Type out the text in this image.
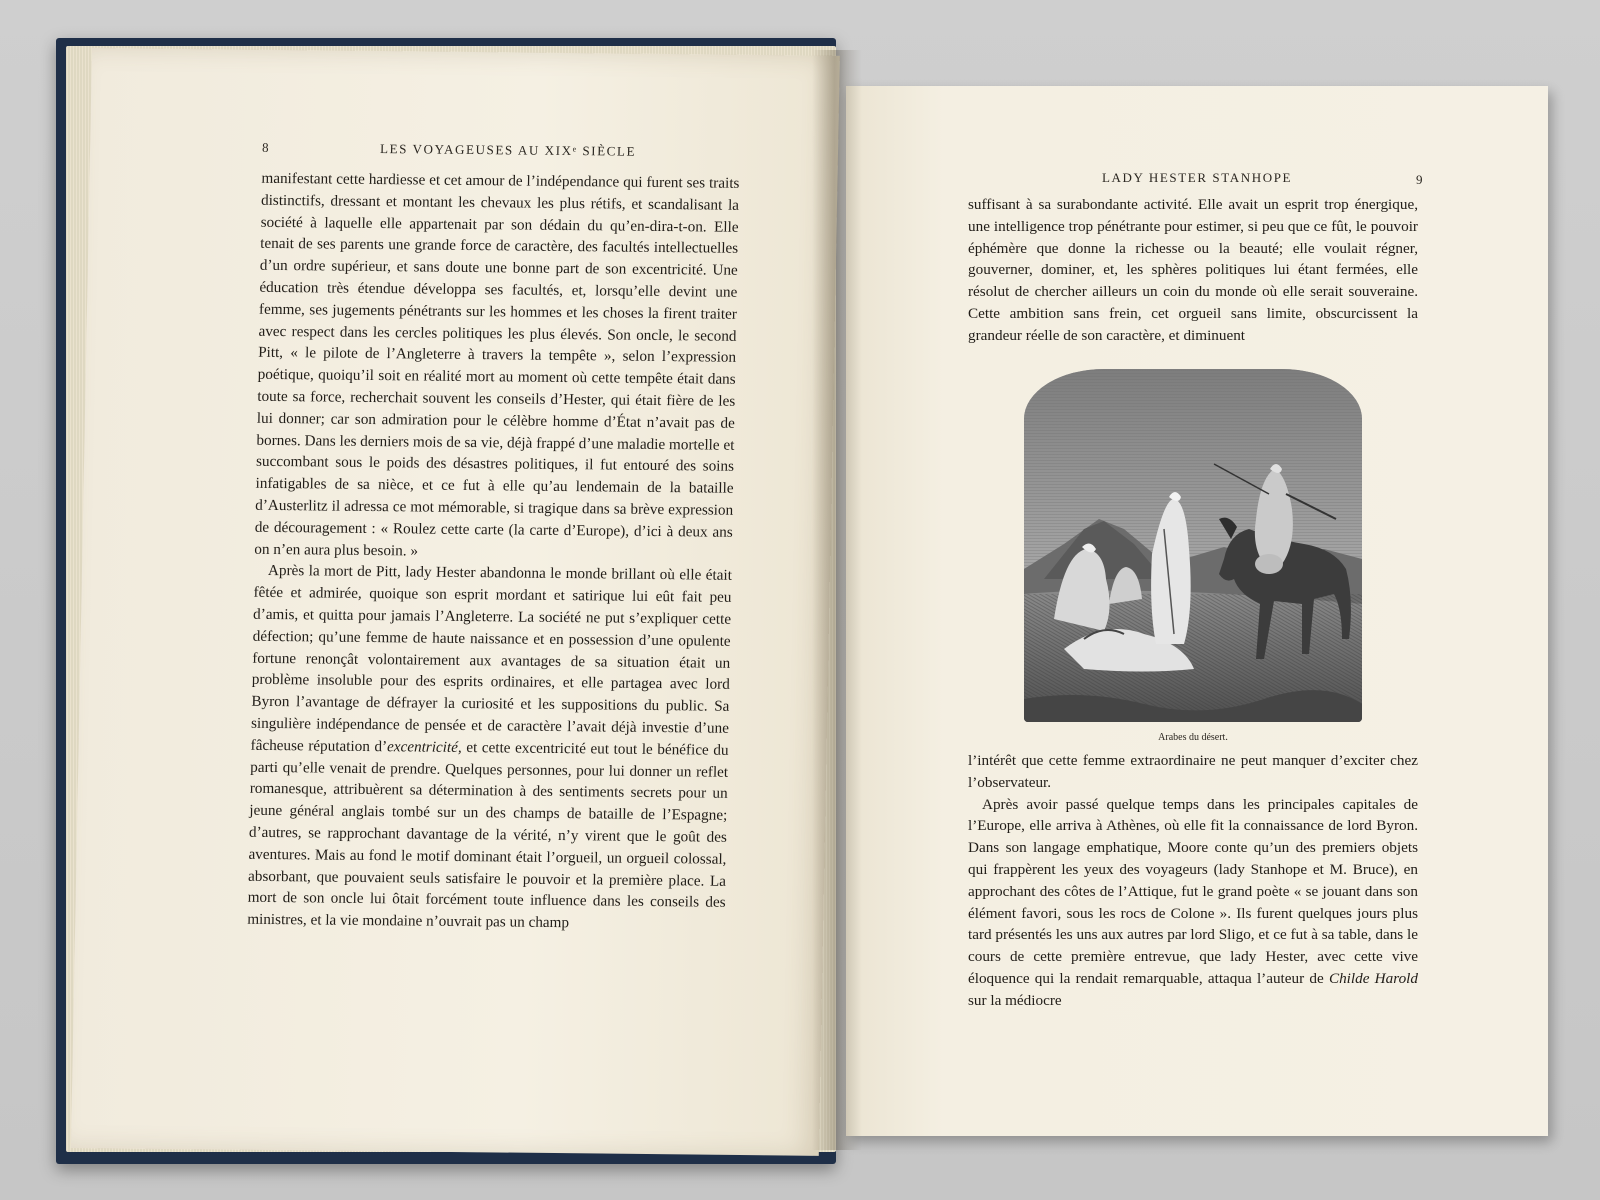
8	LES VOYAGEUSES AU XIXᵉ SIÈCLE

manifestant cette hardiesse et cet amour de l’indépendance qui furent ses traits distinctifs, dressant et montant les chevaux les plus rétifs, et scandalisant la société à laquelle elle appartenait par son dédain du qu’en-dira-t-on. Elle tenait de ses parents une grande force de caractère, des facultés intellectuelles d’un ordre supérieur, et sans doute une bonne part de son excentricité. Une éducation très étendue développa ses facultés, et, lorsqu’elle devint une femme, ses jugements pénétrants sur les hommes et les choses la firent traiter avec respect dans les cercles politiques les plus élevés. Son oncle, le second Pitt, « le pilote de l’Angleterre à travers la tempête », selon l’expression poétique, quoiqu’il soit en réalité mort au moment où cette tempête était dans toute sa force, recherchait souvent les conseils d’Hester, qui était fière de les lui donner; car son admiration pour le célèbre homme d’État n’avait pas de bornes. Dans les derniers mois de sa vie, déjà frappé d’une maladie mortelle et succombant sous le poids des désastres politiques, il fut entouré des soins infatigables de sa nièce, et ce fut à elle qu’au lendemain de la bataille d’Austerlitz il adressa ce mot mémorable, si tragique dans sa brève expression de découragement : « Roulez cette carte (la carte d’Europe), d’ici à deux ans on n’en aura plus besoin. »

Après la mort de Pitt, lady Hester abandonna le monde brillant où elle était fêtée et admirée, quoique son esprit mordant et satirique lui eût fait peu d’amis, et quitta pour jamais l’Angleterre. La société ne put s’expliquer cette défection; qu’une femme de haute naissance et en possession d’une opulente fortune renonçât volontairement aux avantages de sa situation était un problème insoluble pour des esprits ordinaires, et elle partagea avec lord Byron l’avantage de défrayer la curiosité et les suppositions du public. Sa singulière indépendance de pensée et de caractère l’avait déjà investie d’une fâcheuse réputation d’excentricité, et cette excentricité eut tout le bénéfice du parti qu’elle venait de prendre. Quelques personnes, pour lui donner un reflet romanesque, attribuèrent sa détermination à des sentiments secrets pour un jeune général anglais tombé sur un des champs de bataille de l’Espagne; d’autres, se rapprochant davantage de la vérité, n’y virent que le goût des aventures. Mais au fond le motif dominant était l’orgueil, un orgueil colossal, absorbant, que pouvaient seuls satisfaire le pouvoir et la première place. La mort de son oncle lui ôtait forcément toute influence dans les conseils des ministres, et la vie mondaine n’ouvrait pas un champ

LADY HESTER STANHOPE	9

suffisant à sa surabondante activité. Elle avait un esprit trop énergique, une intelligence trop pénétrante pour estimer, si peu que ce fût, le pouvoir éphémère que donne la richesse ou la beauté; elle voulait régner, gouverner, dominer, et, les sphères politiques lui étant fermées, elle résolut de chercher ailleurs un coin du monde où elle serait souveraine. Cette ambition sans frein, cet orgueil sans limite, obscurcissent la grandeur réelle de son caractère, et diminuent

Arabes du désert.

l’intérêt que cette femme extraordinaire ne peut manquer d’exciter chez l’observateur.

Après avoir passé quelque temps dans les principales capitales de l’Europe, elle arriva à Athènes, où elle fit la connaissance de lord Byron. Dans son langage emphatique, Moore conte qu’un des premiers objets qui frappèrent les yeux des voyageurs (lady Stanhope et M. Bruce), en approchant des côtes de l’Attique, fut le grand poète « se jouant dans son élément favori, sous les rocs de Colone ». Ils furent quelques jours plus tard présentés les uns aux autres par lord Sligo, et ce fut à sa table, dans le cours de cette première entrevue, que lady Hester, avec cette vive éloquence qui la rendait remarquable, attaqua l’auteur de Childe Harold sur la médiocre
